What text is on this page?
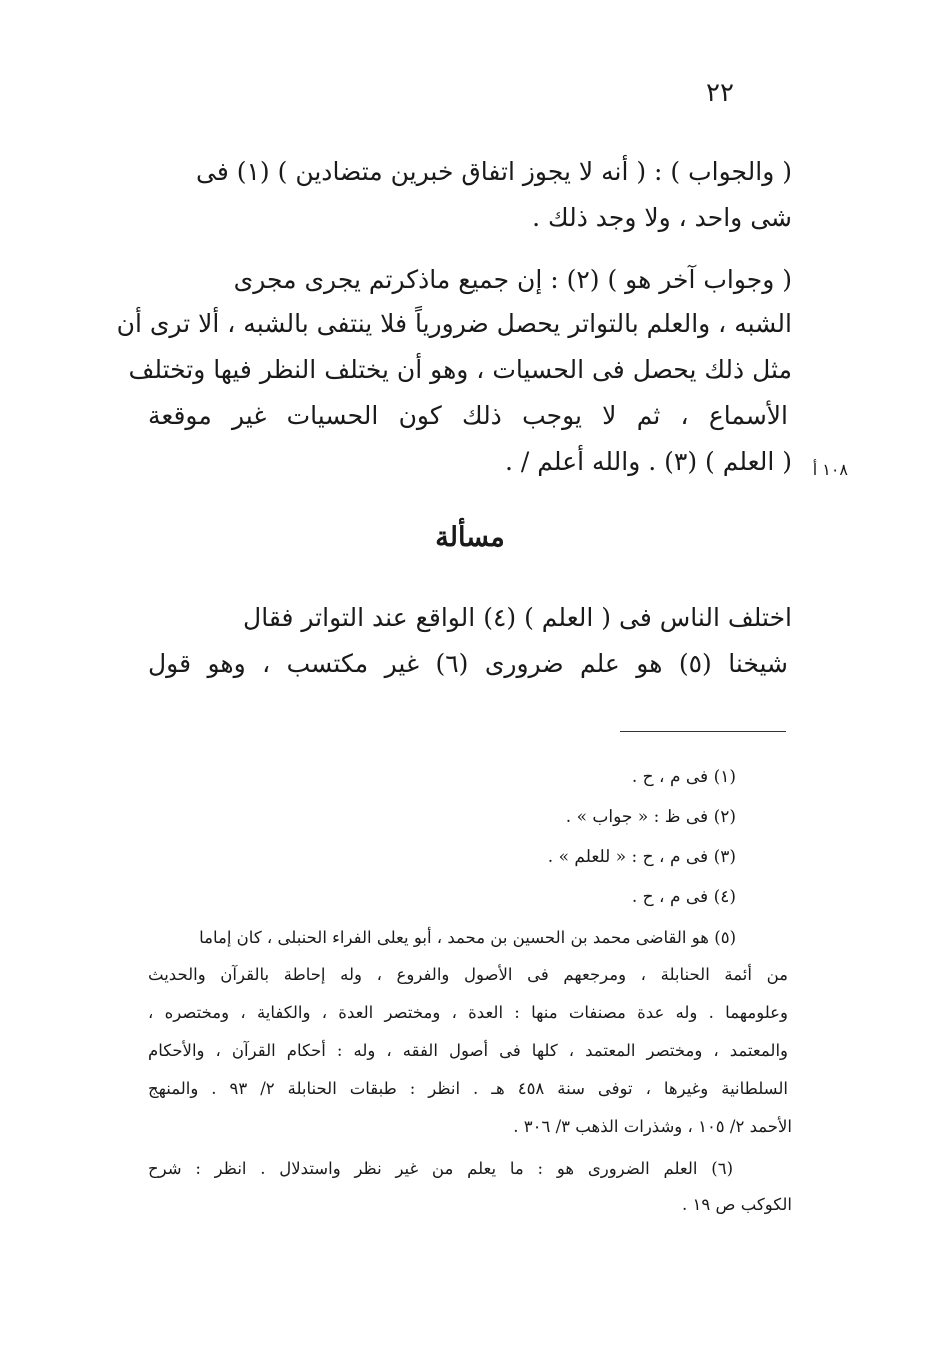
٢٢
( والجواب ) : ( أنه لا يجوز اتفاق خبرين متضادين ) (١) فى
شى واحد ، ولا وجد ذلك .
( وجواب آخر هو ) (٢) : إن جميع ماذكرتم يجرى مجرى
الشبه ، والعلم بالتواتر يحصل ضرورياً فلا ينتفى بالشبه ، ألا ترى أن
مثل ذلك يحصل فى الحسيات ، وهو أن يختلف النظر فيها وتختلف
الأسماع ، ثم لا يوجب ذلك كون الحسيات غير موقعة
( العلم ) (٣) . والله أعلم / .	١٠٨ أ
مسألة
اختلف الناس فى ( العلم ) (٤) الواقع عند التواتر فقال
شيخنا (٥) هو علم ضرورى (٦) غير مكتسب ، وهو قول
(١) فى م ، ح .
(٢) فى ظ : « جواب » .
(٣) فى م ، ح : « للعلم » .
(٤) فى م ، ح .
(٥) هو القاضى محمد بن الحسين بن محمد ، أبو يعلى الفراء الحنبلى ، كان إماما
من أئمة الحنابلة ، ومرجعهم فى الأصول والفروع ، وله إحاطة بالقرآن والحديث
وعلومهما . وله عدة مصنفات منها : العدة ، ومختصر العدة ، والكفاية ، ومختصره ،
والمعتمد ، ومختصر المعتمد ، كلها فى أصول الفقه ، وله : أحكام القرآن ، والأحكام
السلطانية وغيرها ، توفى سنة ٤٥٨ هـ . انظر : طبقات الحنابلة ٢/ ٩٣ . والمنهج
الأحمد ٢/ ١٠٥ ، وشذرات الذهب ٣/ ٣٠٦ .
(٦) العلم الضرورى هو : ما يعلم من غير نظر واستدلال . انظر : شرح
الكوكب ص ١٩ .
